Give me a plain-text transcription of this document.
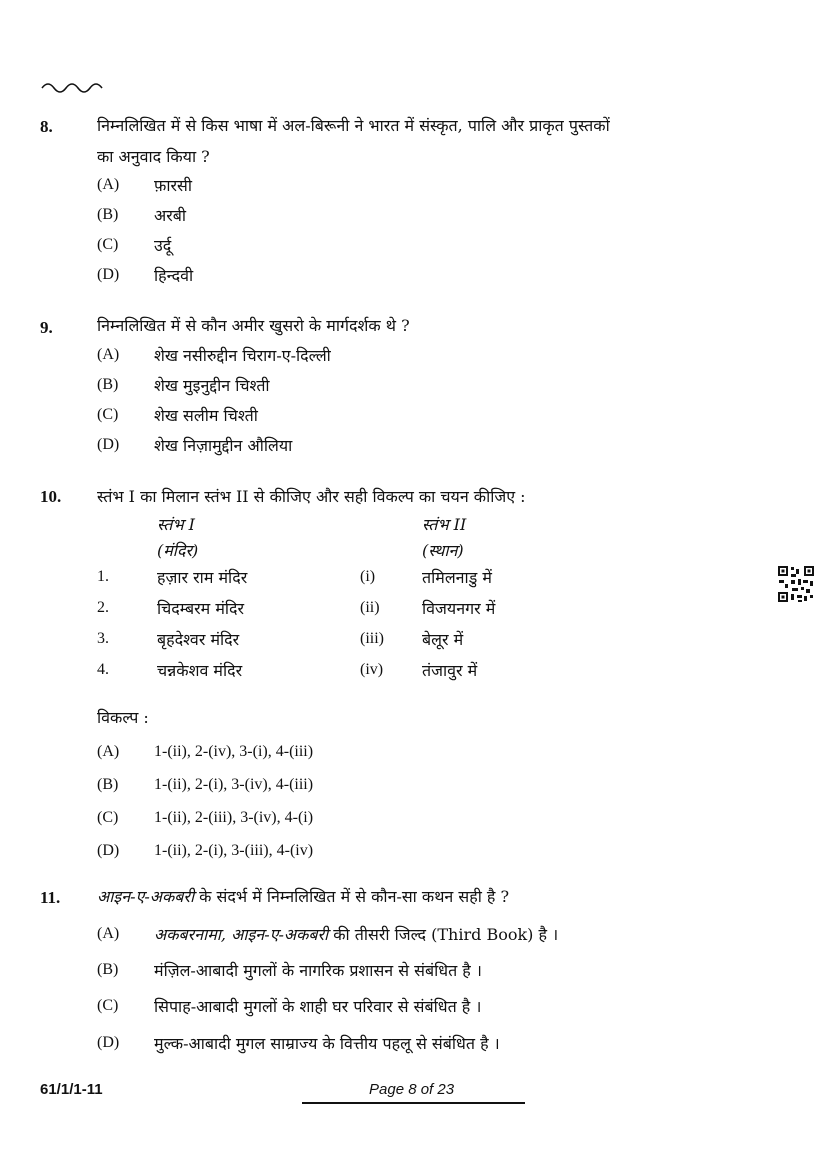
8.	निम्नलिखित में से किस भाषा में अल-बिरूनी ने भारत में संस्कृत, पालि और प्राकृत पुस्तकों
का अनुवाद किया ?
(A) फ़ारसी
(B) अरबी
(C) उर्दू
(D) हिन्दवी
9.	निम्नलिखित में से कौन अमीर खुसरो के मार्गदर्शक थे ?
(A) शेख नसीरुद्दीन चिराग-ए-दिल्ली
(B) शेख मुइनुद्दीन चिश्ती
(C) शेख सलीम चिश्ती
(D) शेख निज़ामुद्दीन औलिया
10. स्तंभ I का मिलान स्तंभ II से कीजिए और सही विकल्प का चयन कीजिए :
स्तंभ I
(मंदिर)
स्तंभ II
(स्थान)
1.	हज़ार राम मंदिर	(i)	तमिलनाडु में
2.	चिदम्बरम मंदिर	(ii)	विजयनगर में
3.	बृहदेश्वर मंदिर	(iii) बेलूर में
4.	चन्नकेशव मंदिर	(iv) तंजावुर में
विकल्प :
(A) 1-(ii), 2-(iv), 3-(i), 4-(iii)
(B) 1-(ii), 2-(i), 3-(iv), 4-(iii)
(C) 1-(ii), 2-(iii), 3-(iv), 4-(i)
(D) 1-(ii), 2-(i), 3-(iii), 4-(iv)
11. आइन-ए-अकबरी के संदर्भ में निम्नलिखित में से कौन-सा कथन सही है ?
(A) अकबरनामा, आइन-ए-अकबरी की तीसरी जिल्द (Third Book) है ।
(B) मंज़िल-आबादी मुगलों के नागरिक प्रशासन से संबंधित है ।
(C) सिपाह-आबादी मुगलों के शाही घर परिवार से संबंधित है ।
(D) मुल्क-आबादी मुगल साम्राज्य के वित्तीय पहलू से संबंधित है ।
61/1/1-11	Page 8 of 23
